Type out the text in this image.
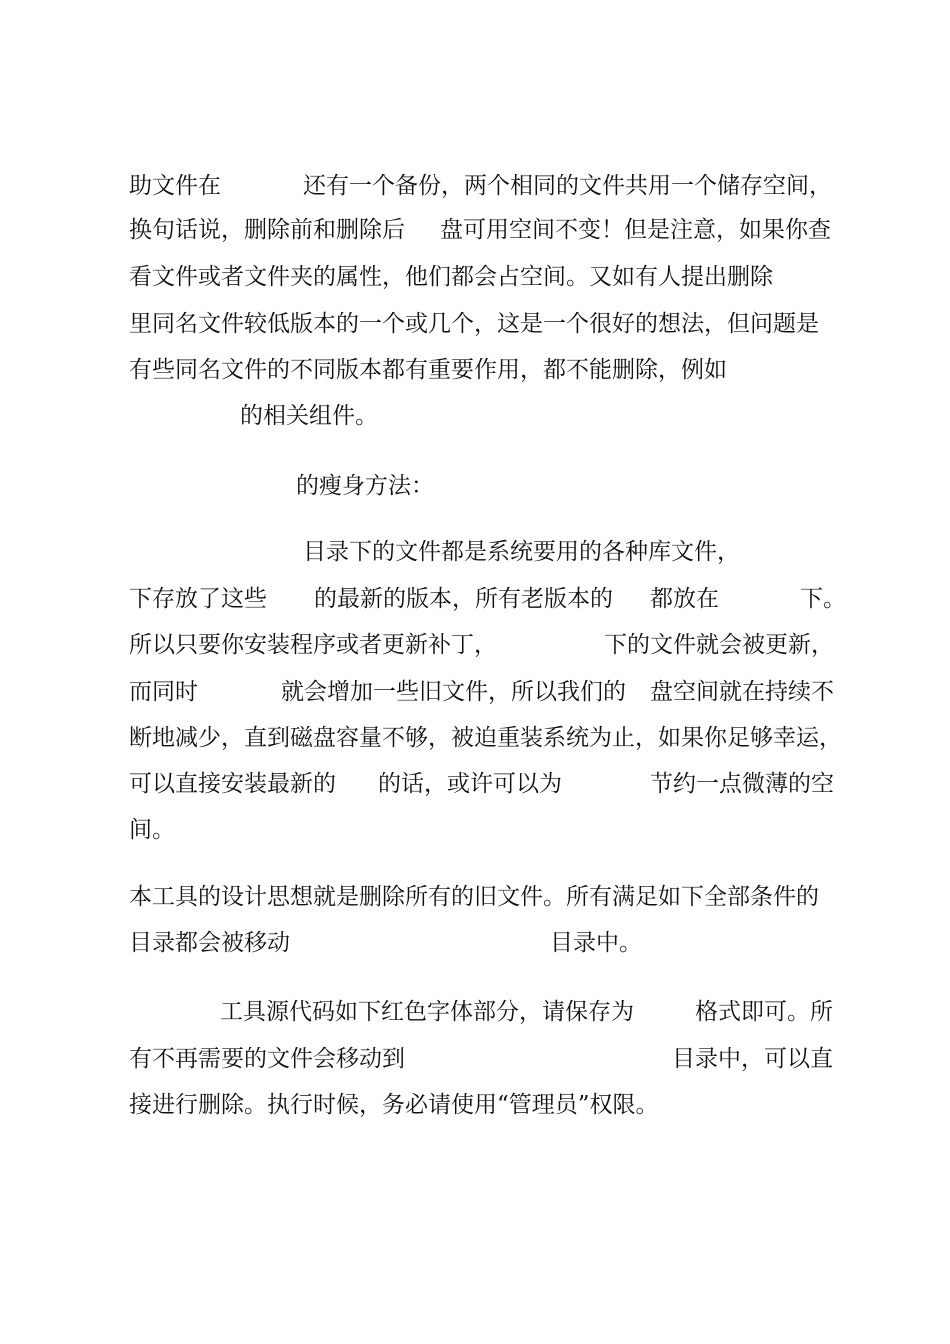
助文件在	还有一个备份，两个相同的文件共用一个储存空间，
换句话说，删除前和删除后 盘可用空间不变！但是注意，如果你查
看文件或者文件夹的属性，他们都会占空间。又如有人提出删除
里同名文件较低版本的一个或几个，这是一个很好的想法，但问题是
有些同名文件的不同版本都有重要作用，都不能删除，例如
的相关组件。
的瘦身方法：
目录下的文件都是系统要用的各种库文件，
下存放了这些 的最新的版本，所有老版本的 都放在	下。
所以只要你安装程序或者更新补丁，	下的文件就会被更新，
而同时	就会增加一些旧文件，所以我们的 盘空间就在持续不
断地减少，直到磁盘容量不够，被迫重装系统为止，如果你足够幸运，
可以直接安装最新的 的话，或许可以为	节约一点微薄的空
间。
本工具的设计思想就是删除所有的旧文件。所有满足如下全部条件的
目录都会被移动	目录中。
工具源代码如下红色字体部分，请保存为	格式即可。所
有不再需要的文件会移动到	目录中，可以直
接进行删除。执行时候，务必请使用“管理员”权限。
